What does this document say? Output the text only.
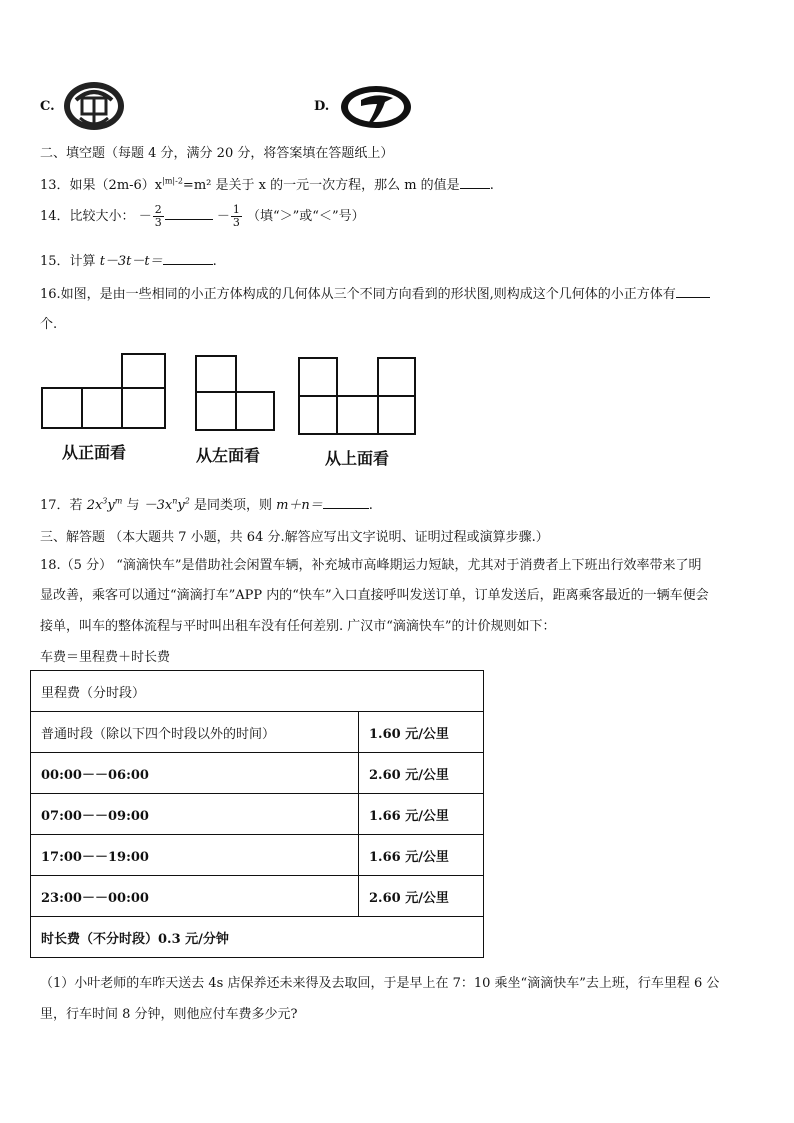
C.	D.
二、填空题（每题 4 分，满分 20 分，将答案填在答题纸上）
13．如果$(2m-6)x^{|m|-2}=m^2$ 是关于 x 的一元一次方程，那么 m 的值是 .
14．比较大小： － $\frac{2}{3}$	－ $\frac{1}{3}$ （填“＞”或“＜”号）
15．计算 t－3t－t＝	.
16.如图，是由一些相同的小正方体构成的几何体从三个不同方向看到的形状图,则构成这个几何体的小正方体有
个.
从正面看	从左面看	从上面看
17．若 $2x^3y^m$ 与 $-3x^ny^2$ 是同类项，则 m＋n＝	.
三、解答题 （本大题共 7 小题，共 64 分.解答应写出文字说明、证明过程或演算步骤.）
18.（5 分） “滴滴快车”是借助社会闲置车辆，补充城市高峰期运力短缺，尤其对于消费者上下班出行效率带来了明
显改善，乘客可以通过“滴滴打车”APP 内的“快车”入口直接呼叫发送订单，订单发送后，距离乘客最近的一辆车便会
接单，叫车的整体流程与平时叫出租车没有任何差别. 广汉市“滴滴快车”的计价规则如下：
车费＝里程费＋时长费
里程费（分时段）	
普通时段（除以下四个时段以外的时间）	1.60 元/公里
00:00－－06:00	2.60 元/公里
07:00－－09:00	1.66 元/公里
17:00－－19:00	1.66 元/公里
23:00－－00:00	2.60 元/公里
时长费（不分时段）0.3 元/分钟	
（1）小叶老师的车昨天送去 4s 店保养还未来得及去取回，于是早上在 7：10 乘坐“滴滴快车”去上班，行车里程 6 公
里，行车时间 8 分钟，则他应付车费多少元?
